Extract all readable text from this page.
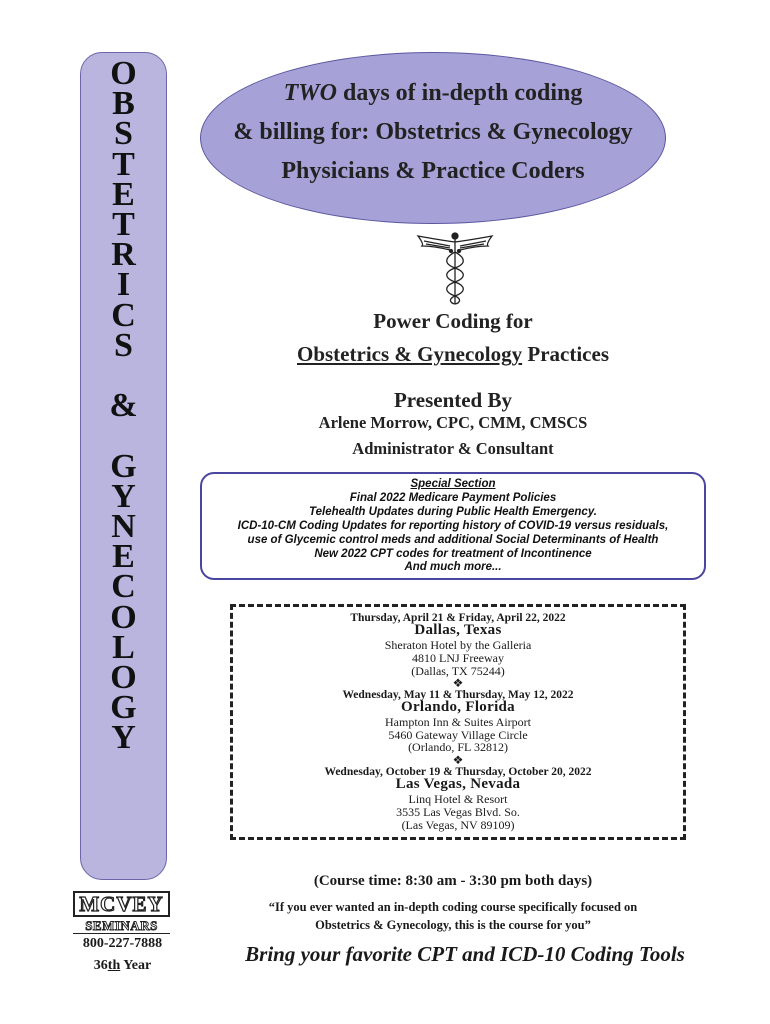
O
B
S
T
E
T
R
I
C
S

&

G
Y
N
E
C
O
L
O
G
Y
MCVEY
SEMINARS
800-227-7888
36th Year
TWO days of in-depth coding
& billing for: Obstetrics & Gynecology
Physicians & Practice Coders
Power Coding for
Obstetrics & Gynecology Practices
Presented By
Arlene Morrow, CPC, CMM, CMSCS
Administrator & Consultant
Special Section
Final 2022 Medicare Payment Policies
Telehealth Updates during Public Health Emergency.
ICD-10-CM Coding Updates for reporting history of COVID-19 versus residuals,
use of Glycemic control meds and additional Social Determinants of Health
New 2022 CPT codes for treatment of Incontinence
And much more...
Thursday, April 21 & Friday, April 22, 2022
Dallas, Texas
Sheraton Hotel by the Galleria
4810 LNJ Freeway
(Dallas, TX 75244)
❖
Wednesday, May 11 & Thursday, May 12, 2022
Orlando, Florida
Hampton Inn & Suites Airport
5460 Gateway Village Circle
(Orlando, FL 32812)
❖
Wednesday, October 19 & Thursday, October 20, 2022
Las Vegas, Nevada
Linq Hotel & Resort
3535 Las Vegas Blvd. So.
(Las Vegas, NV 89109)
(Course time: 8:30 am - 3:30 pm both days)
“If you ever wanted an in-depth coding course specifically focused on
Obstetrics & Gynecology, this is the course for you”
Bring your favorite CPT and ICD-10 Coding Tools
